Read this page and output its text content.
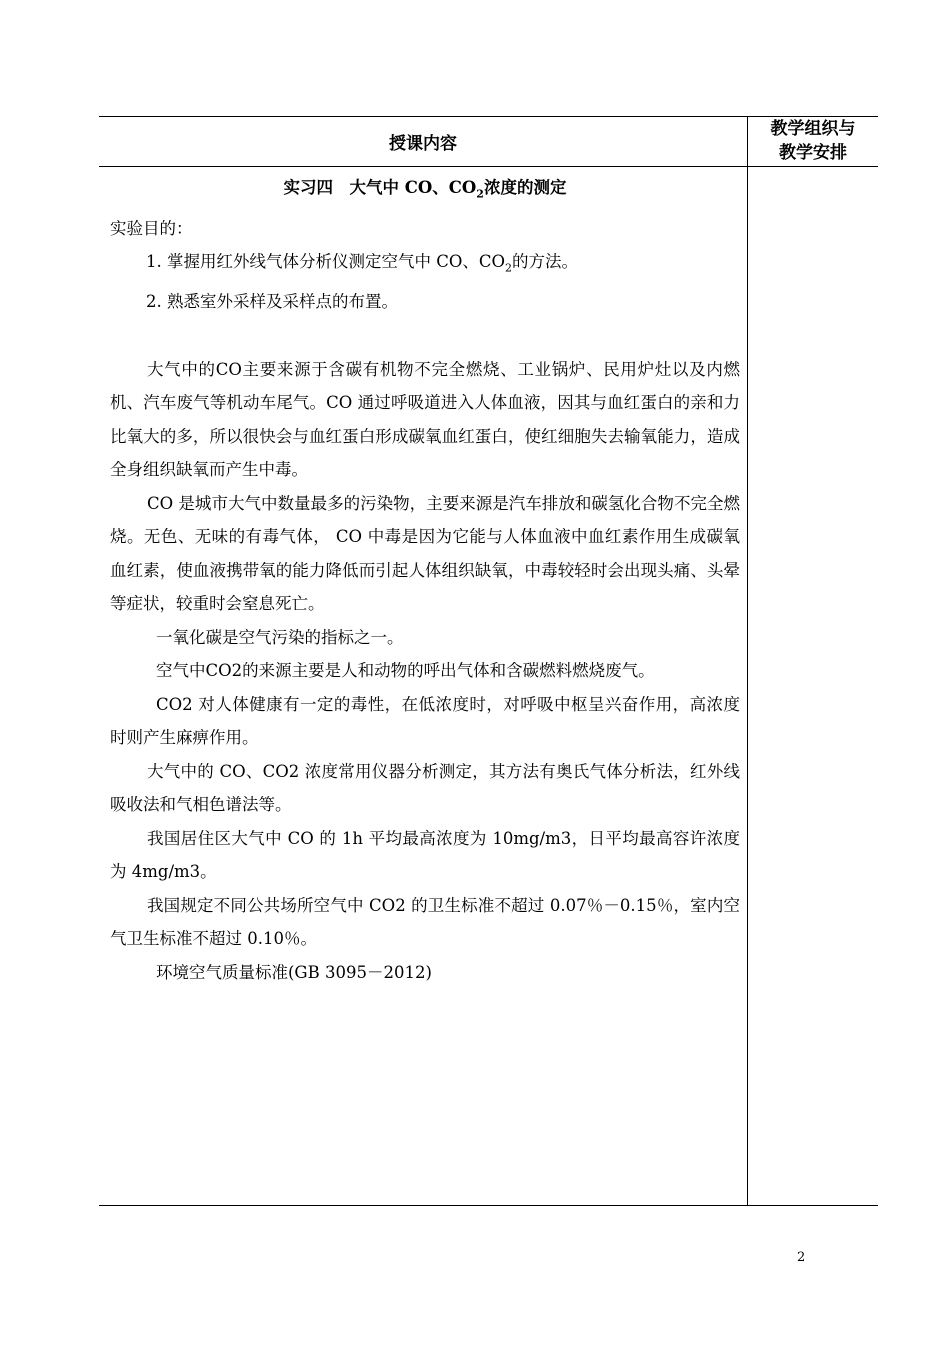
授课内容
教学组织与
教学安排
实习四　大气中 CO、$CO_2$浓度的测定
实验目的：
1. 掌握用红外线气体分析仪测定空气中 CO、$CO_2$的方法。
2. 熟悉室外采样及采样点的布置。
大气中的CO主要来源于含碳有机物不完全燃烧、工业锅炉、民用炉灶以及内燃机、汽车废气等机动车尾气。CO 通过呼吸道进入人体血液，因其与血红蛋白的亲和力比氧大的多，所以很快会与血红蛋白形成碳氧血红蛋白，使红细胞失去输氧能力，造成全身组织缺氧而产生中毒。
CO 是城市大气中数量最多的污染物，主要来源是汽车排放和碳氢化合物不完全燃烧。无色、无味的有毒气体， CO 中毒是因为它能与人体血液中血红素作用生成碳氧血红素，使血液携带氧的能力降低而引起人体组织缺氧，中毒较轻时会出现头痛、头晕等症状，较重时会窒息死亡。
一氧化碳是空气污染的指标之一。
空气中CO2的来源主要是人和动物的呼出气体和含碳燃料燃烧废气。
CO2 对人体健康有一定的毒性，在低浓度时，对呼吸中枢呈兴奋作用，高浓度时则产生麻痹作用。
大气中的 CO、CO2 浓度常用仪器分析测定，其方法有奥氏气体分析法，红外线吸收法和气相色谱法等。
我国居住区大气中 CO 的 1h 平均最高浓度为 10mg/m3，日平均最高容许浓度为 4mg/m3。
我国规定不同公共场所空气中 CO2 的卫生标准不超过 0.07％－0.15％，室内空气卫生标准不超过 0.10％。
环境空气质量标准(GB 3095－2012)
2
